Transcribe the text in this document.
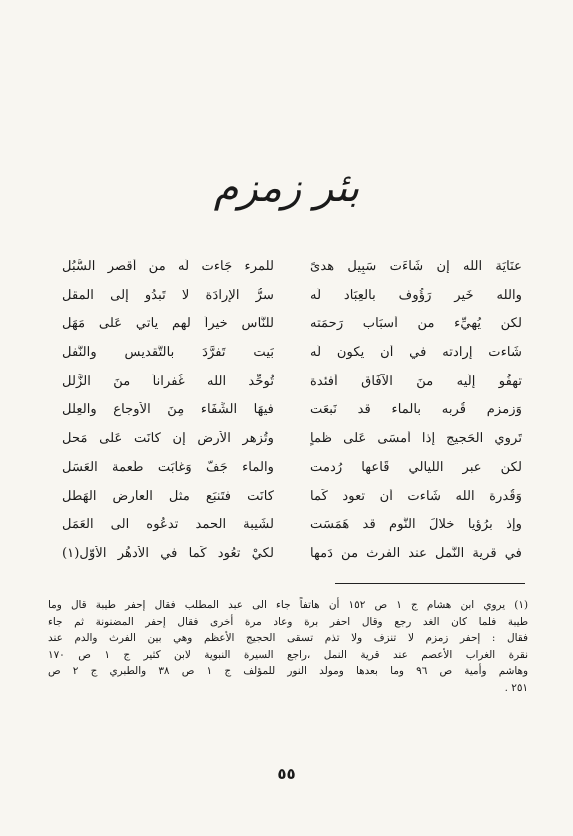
بئر زمزم
عنَايَة الله إن شَاءَت سَبِيل هدىً
للمرء جَاءت لَه من أقصر السُّبُل
والله خَير رَؤُوف بالعِبَاد لَه
سرُّ الإرادَة لا تَبدُو إلى المقل
لكن يُهيِّء من أسبَاب رَحمَته
للنَّاس خيراً لهم يأتي عَلى مَهَل
شَاءت إرادته في أن يكون لَه
بَيت تَفرَّدَ بالتَّقديس والنَّفل
تهفُو إلَيه منَ الآفَاق أفئدة
تُوحِّد الله غُفراناً منَ الزَّلل
وَزمزم قُربه بالماء قد نَبعَت
فيهَا الشِّفَاء مِنَ الأوجاع والعِلل
تَروي الحَجيج إذا أمسَى عَلى ظمأٍ
وتُزهر الأرض إن كانَت عَلى مَحل
لكن عبر اللَّيالي قَاعها رُدمت
والماء جَفَّ وَغابَت طَعمة العَسَل
وَقُدرة الله شَاءت أن تعود كَما
كانَت فتَنبَع مثل العارض الهَطل
وإذ برُؤيا خلالَ النَّوم قد هَمَسَت
لشَيبة الحمد تدعُوه الى العَمَل
في قرية النَّمل عند الفرث من دَمها
لكيْ تعُود كَما في الأدهُر الأوّل(١)
(١) يروي ابن هشام ج ١ ص ١٥٢ أن هاتفاً جاء الى عبد المطلب فقال إحفر طيبة قال وما
طيبة فلما كان الغد رجع وقال احفر برة وعاد مرة أخرى فقال إحفر المضنونة ثم جاء
فقال : إحفر زمزم لا تنزف ولا تذم تسقى الحجيج الأعظم وهي بين الفرث والدم عند
نقرة الغراب الأعصم عند قرية النمل ،راجع السيرة النبوية لابن كثير ج ١ ص ١٧٠
وهاشم وأمية ص ٩٦ وما بعدها ومولد النور للمؤلف ج ١ ص ٣٨ والطبري ج ٢ ص
٢٥١ .
٥٥
